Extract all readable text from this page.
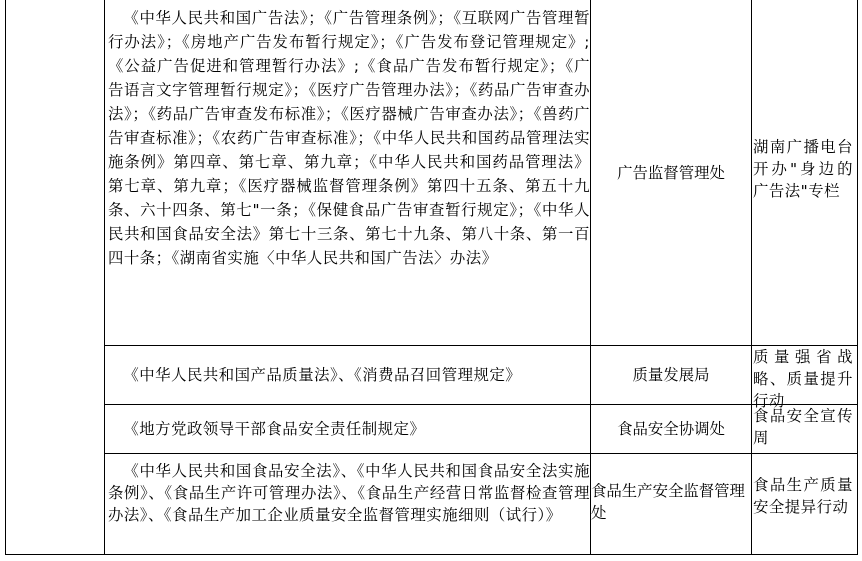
《中华人民共和国广告法》；《广告管理条例》；《互联网广告管理暂行办法》；《房地产广告发布暂行规定》；《广告发布登记管理规定》;《公益广告促进和管理暂行办法》;《食品广告发布暂行规定》；《广告语言文字管理暂行规定》；《医疗广告管理办法》；《药品广告审查办法》；《药品广告审查发布标准》；《医疗器械广告审查办法》；《兽药广告审查标准》；《农药广告审查标准》；《中华人民共和国药品管理法实施条例》第四章、第七章、第九章；《中华人民共和国药品管理法》第七章、第九章；《医疗器械监督管理条例》第四十五条、第五十九条、六十四条、第七"一条；《保健食品广告审查暂行规定》；《中华人民共和国食品安全法》第七十三条、第七十九条、第八十条、第一百四十条；《湖南省实施〈中华人民共和国广告法〉办法》
广告监督管理处
湖南广播电台开办"身边的广告法"专栏
《中华人民共和国产品质量法》、《消费品召回管理规定》	质量发展局
质量强省战略、质量提升行动
《地方党政领导干部食品安全责任制规定》	食品安全协调处
食品安全宣传周
《中华人民共和国食品安全法》、《中华人民共和国食品安全法实施条例》、《食品生产许可管理办法》、《食品生产经营日常监督检查管理办法》、《食品生产加工企业质量安全监督管理实施细则（试行）》
食品生产安全监督管理处
食品生产质量安全提异行动
